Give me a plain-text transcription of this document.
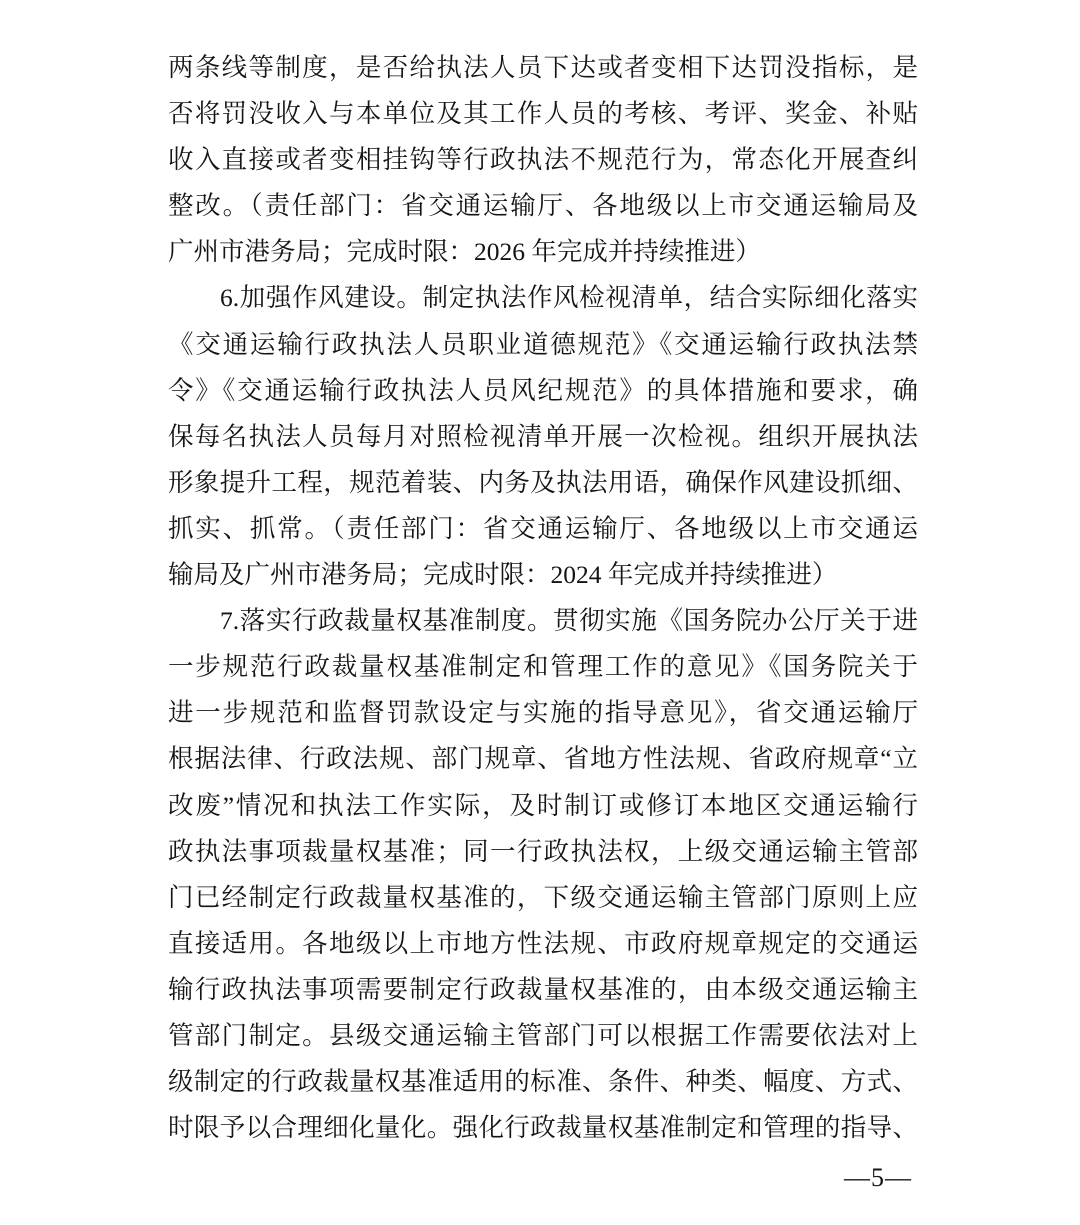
两条线等制度，是否给执法人员下达或者变相下达罚没指标，是
否将罚没收入与本单位及其工作人员的考核、考评、奖金、补贴
收入直接或者变相挂钩等行政执法不规范行为，常态化开展查纠
整改。（责任部门：省交通运输厅、各地级以上市交通运输局及
广州市港务局；完成时限：2026 年完成并持续推进）
6.加强作风建设。制定执法作风检视清单，结合实际细化落实
《交通运输行政执法人员职业道德规范》《交通运输行政执法禁
令》《交通运输行政执法人员风纪规范》的具体措施和要求，确
保每名执法人员每月对照检视清单开展一次检视。组织开展执法
形象提升工程，规范着装、内务及执法用语，确保作风建设抓细、
抓实、抓常。（责任部门：省交通运输厅、各地级以上市交通运
输局及广州市港务局；完成时限：2024 年完成并持续推进）
7.落实行政裁量权基准制度。贯彻实施《国务院办公厅关于进
一步规范行政裁量权基准制定和管理工作的意见》《国务院关于
进一步规范和监督罚款设定与实施的指导意见》，省交通运输厅
根据法律、行政法规、部门规章、省地方性法规、省政府规章“立
改废”情况和执法工作实际，及时制订或修订本地区交通运输行
政执法事项裁量权基准；同一行政执法权，上级交通运输主管部
门已经制定行政裁量权基准的，下级交通运输主管部门原则上应
直接适用。各地级以上市地方性法规、市政府规章规定的交通运
输行政执法事项需要制定行政裁量权基准的，由本级交通运输主
管部门制定。县级交通运输主管部门可以根据工作需要依法对上
级制定的行政裁量权基准适用的标准、条件、种类、幅度、方式、
时限予以合理细化量化。强化行政裁量权基准制定和管理的指导、
—5—
